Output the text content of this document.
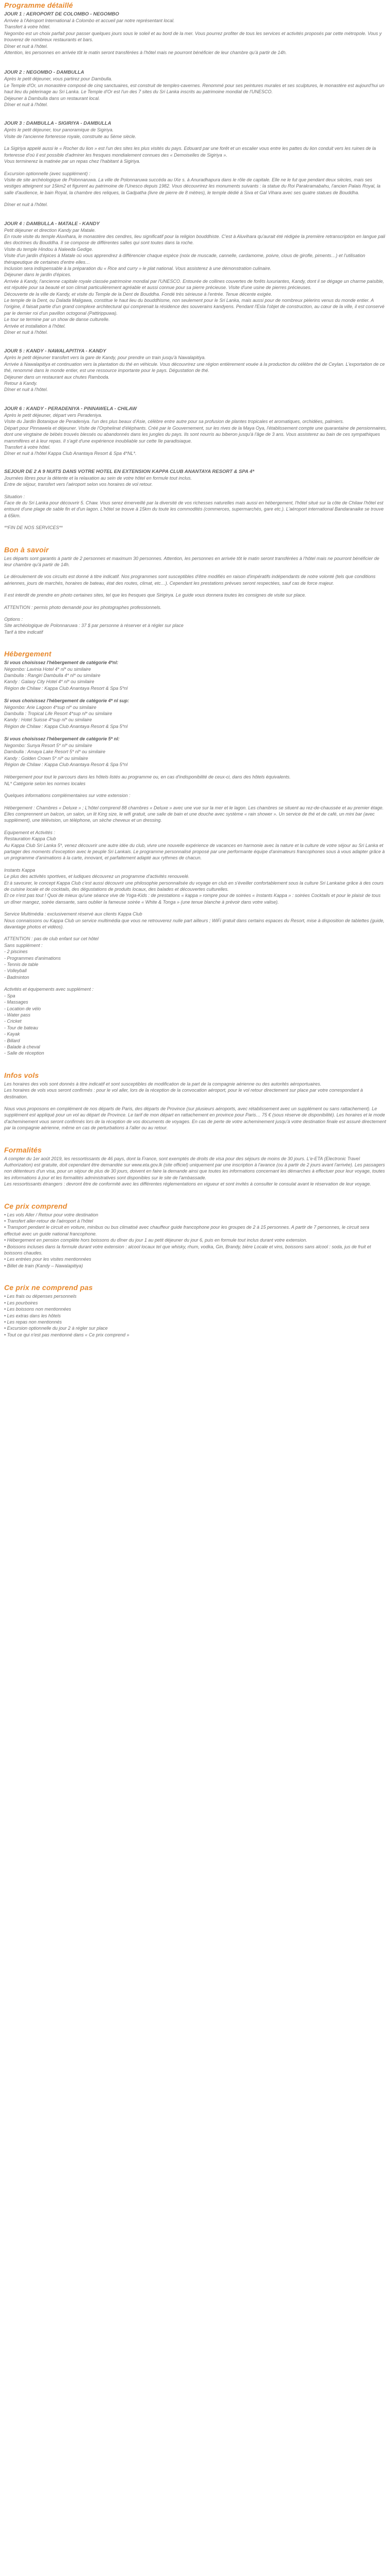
Programme détaillé

JOUR 1 : AEROPORT DE COLOMBO - NEGOMBO

Arrivée à l'Aéroport International à Colombo et accueil par notre représentant local.

Transfert à votre hôtel.

Negombo est un choix parfait pour passer quelques jours sous le soleil et au bord de la mer. Vous pourrez profiter de tous les services et activités proposés par cette métropole. Vous y trouverez de nombreux restaurants et bars.

Dîner et nuit à l'hôtel.

Attention, les personnes en arrivée tôt le matin seront transférées à l'hôtel mais ne pourront bénéficier de leur chambre qu'à partir de 14h.

JOUR 2 : NEGOMBO - DAMBULLA

Après le petit déjeuner, vous partirez pour Dambulla.

Le Temple d'Or, un monastère composé de cinq sanctuaires, est construit de temples-cavernes. Renommé pour ses peintures murales et ses sculptures, le monastère est aujourd'hui un haut lieu du pèlerinage au Sri Lanka. Le Temple d'Or est l'un des 7 sites du Sri Lanka inscrits au patrimoine mondial de l'UNESCO.

Déjeuner à Dambulla dans un restaurant local.

Dîner et nuit à l'hôtel.

JOUR 3 : DAMBULLA - SIGIRIYA - DAMBULLA

Après le petit déjeuner, tour panoramique de Sigiriya.

Visite de l'ancienne forteresse royale, construite au 5ème siècle.

La Sigiriya appelé aussi le « Rocher du lion » est l'un des sites les plus visités du pays. Edouard par une forêt et un escalier vous entre les pattes du lion conduit vers les ruines de la forteresse d'où il est possible d'admirer les fresques mondialement connues des « Demoiselles de Sigiriya ».

Vous terminerez la matinée par un repas chez l'habitant à Sigiriya.

Excursion optionnelle (avec supplément) :

Visite de site archéologique de Polonnaruwa. La ville de Polonnaruwa succéda au IXe s. à Anuradhapura dans le rôle de capitale. Elle ne le fut que pendant deux siècles, mais ses vestiges atteignent sur 15km2 et figurent au patrimoine de l'Unesco depuis 1982. Vous découvrirez les monuments suivants : la statue du Roi Parakramabahu, l'ancien Palais Royal, la salle d'audience, le bain Royal, la chambre des reliques, la Gadpatha (livre de pierre de 8 mètres), le temple dédié à Siva et Gal Vihara avec ses quatre statues de Bouddha.

Dîner et nuit à l'hôtel.

JOUR 4 : DAMBULLA - MATALE - KANDY

Petit déjeuner et direction Kandy par Matale.

En route visite du temple Aluvihara, le monastère des cendres, lieu significatif pour la religion bouddhiste. C'est à Aluvihara qu'aurait été rédigée la première retranscription en langue pali des doctrines du Bouddha. Il se compose de différentes salles qui sont toutes dans la roche.

Visite du temple Hindou à Naleeda Gedige.

Visite d'un jardin d'épices à Matale où vous apprendrez à différencier chaque espèce (noix de muscade, cannelle, cardamome, poivre, clous de girofle, piments…) et l'utilisation thérapeutique de certaines d'entre elles…

Inclusion sera indispensable à la préparation du « Rice and curry » le plat national. Vous assisterez à une démonstration culinaire.

Déjeuner dans le jardin d'épices.

Arrivée à Kandy, l'ancienne capitale royale classée patrimoine mondial par l'UNESCO. Entourée de collines couvertes de forêts luxuriantes, Kandy, dont il se dégage un charme paisible, est réputée pour sa beauté et son climat particulièrement agréable et aussi connue pour sa pierre précieuse. Visite d'une usine de pierres précieuses.

Découverte de la ville de Kandy, et visite du Temple de la Dent de Bouddha. Fondé très sérieuse à l'entrée. Tenue décente exigée.

Le temple de la Dent, ou Dalada Maligawa, constitue le haut lieu du bouddhisme, non seulement pour le Sri Lanka, mais aussi pour de nombreux pèlerins venus du monde entier. A l'origine, il faisait partie d'un grand complexe architectural qui comprenait la résidence des souverains kandyens. Pendant l'Esla l'objet de construction, au cœur de la ville, il est conservé par le dernier roi d'un pavillon octogonal (Pattirippuwa).

Le tour se termine par un show de danse culturelle.

Arrivée et installation à l'hôtel.

Dîner et nuit à l'hôtel.

JOUR 5 : KANDY - NAWALAPITIYA - KANDY

Après le petit déjeuner transfert vers la gare de Kandy, pour prendre un train jusqu'à Nawalapitiya.

Arrivée à Nawalapitiya et continuation vers la plantation du thé en véhicule. Vous découvrirez une région entièrement vouée à la production du célèbre thé de Ceylan. L'exportation de ce thé, renommé dans le monde entier, est une ressource importante pour le pays. Dégustation de thé.

Déjeuner dans un restaurant aux chutes Ramboda.

Retour à Kandy.

Dîner et nuit à l'hôtel.

JOUR 6 : KANDY - PERADENIYA - PINNAWELA - CHILAW

Après le petit déjeuner, départ vers Peradeniya.

Visite du Jardin Botanique de Peradeniya. l'un des plus beaux d'Asie, célèbre entre autre pour sa profusion de plantes tropicales et aromatiques, orchidées, palmiers.

Départ pour Pinnawela et déjeuner. Visite de l'Orphelinat d'éléphants. Créé par le Gouvernement, sur les rives de la Maya Oya, l'établissement compte une quarantaine de pensionnaires, dont une vingtaine de bébés trouvés blessés ou abandonnés dans les jungles du pays. Ils sont nourris au biberon jusqu'à l'âge de 3 ans. Vous assisterez au bain de ces sympathiques mammifères et à leur repas. Il s'agit d'une expérience inoubliable sur cette île paradisiaque.

Transfert à votre hôtel.

Dîner et nuit à l'hôtel Kappa Club Anantaya Resort & Spa 4*NL*.

SEJOUR DE 2 A 9 NUITS DANS VOTRE HOTEL EN EXTENSION KAPPA CLUB ANANTAYA RESORT & SPA 4*

Journées libres pour la détente et la relaxation au sein de votre hôtel en formule tout inclus.

Entre de séjour, transfert vers l'aéroport selon vos horaires de vol retour.

Situation :

Face de du Sri Lanka pour découvrir 5. Chaw. Vous serez émerveillé par la diversité de vos richesses naturelles mais aussi en hébergement, l'hôtel situé sur la côte de Chilaw l'hôtel est entouré d'une plage de sable fin et d'un lagon. L'hôtel se trouve à 15km du toute les commodités (commerces, supermarchés, gare etc.). L'aéroport international Bandaranaike se trouve à 65km.

**FIN DE NOS SERVICES**

Bon à savoir

Les départs sont garantis à partir de 2 personnes et maximum 30 personnes. Attention, les personnes en arrivée tôt le matin seront transférées à l'hôtel mais ne pourront bénéficier de leur chambre qu'à partir de 14h.

Le déroulement de vos circuits est donné à titre indicatif. Nos programmes sont susceptibles d'être modifiés en raison d'impératifs indépendants de notre volonté (tels que conditions aériennes, jours de marchés, horaires de bateau, état des routes, climat, etc…). Cependant les prestations prévues seront respectées, sauf cas de force majeur.

Il est interdit de prendre en photo certaines sites, tel que les fresques que Sirigirya. Le guide vous donnera toutes les consignes de visite sur place.

ATTENTION : permis photo demandé pour les photographes professionnels.

Options :

Site archéologique de Polonnaruwa : 37 $ par personne à réserver et à régler sur place

Tarif à titre indicatif

Hébergement

Si vous choisissez l'hébergement de catégorie 4*nl:

Négombo: Lavinia Hotel 4* nl* ou similaire

Dambulla : Rangiri Dambulla 4* nl* ou similaire

Kandy : Galaxy City Hotel 4* nl* ou similaire

Région de Chilaw : Kappa Club Anantaya Resort & Spa 5*nl

Si vous choisissez l'hébergement de catégorie 4* nl sup:

Négombo: Arie Lagoon 4*sup nl* ou similaire

Dambulla : Tropical Life Resort 4*sup nl* ou similaire

Kandy : Hotel Suisse 4*sup nl* ou similaire

Région de Chilaw : Kappa Club Anantaya Resort & Spa 5*nl

Si vous choisissez l'hébergement de catégorie 5* nl:

Negombo: Sunya Resort 5* nl* ou similaire

Dambulla : Amaya Lake Resort 5* nl* ou similaire

Kandy : Golden Crown 5* nl* ou similaire

Région de Chilaw : Kappa Club Anantaya Resort & Spa 5*nl

Hébergement pour tout le parcours dans les hôtels listés au programme ou, en cas d'indisponibilité de ceux-ci, dans des hôtels équivalents.

NL* Catégorie selon les normes locales

Quelques informations complémentaires sur votre extension :

Hébergement : Chambres « Deluxe » ; L'hôtel comprend 88 chambres « Deluxe » avec une vue sur la mer et le lagon. Les chambres se situent au rez-de-chaussée et au premier étage. Elles comprennent un balcon, un salon, un lit King size, le wifi gratuit, une salle de bain et une douche avec système « rain shower ». Un service de thé et de café, un mini bar (avec supplément), une télévision, un téléphone, un sèche cheveux et un dressing.

Equipement et Activités :

Restauration Kappa Club

Au Kappa Club Sri Lanka 5*, venez découvrir une autre idée du club, vivre une nouvelle expérience de vacances en harmonie avec la nature et la culture de votre séjour au Sri Lanka et partager des moments d'exception avec le peuple Sri Lankais. Le programme personnalisé proposé par une performante équipe d'animateurs francophones sous à vous adapter grâce à un programme d'animations à la carte, innovant, et parfaitement adapté aux rythmes de chacun.

Instants Kappa

Le plus des activités sportives, et ludiques découvrez un programme d'activités renouvelé.

Et à savourer, le concept Kappa Club c'est aussi découvrir une philosophie personnalisée du voyage en club en s'éveiller confortablement sous la culture Sri Lankaise grâce à des cours de cuisine locale et de cocktails, des dégustations de produits locaux, des balades et découvertes culturelles.

Et ce n'est pas tout ! Quoi de mieux qu'une séance vive de Yoga-Kids : de prestations « kappa » rompre pour de soirées « Instants Kappa » : soirées Cocktails et pour le plaisir de tous un dîner mangez, soirée dansante, sans oublier la fameuse soirée « White & Tonga » (une tenue blanche à prévoir dans votre valise).

Service Multimédia : exclusivement réservé aux clients Kappa Club

Nous connaissons ou Kappa Club un service multimédia que vous ne retrouverez nulle part ailleurs ; WiFi gratuit dans certains espaces du Resort, mise à disposition de tablettes (guide, davantage photos et vidéos).

ATTENTION : pas de club enfant sur cet hôtel

Sans supplément :

- 2 piscines

- Programmes d'animations

- Tennis de table

- Volleyball

- Badminton

Activités et équipements avec supplément :

- Spa

- Massages

- Location de vélo

- Water pass

- Cricket

- Tour de bateau

- Kayak

- Billard

- Balade à cheval

- Salle de réception

Infos vols

Les horaires des vols sont donnés à titre indicatif et sont susceptibles de modification de la part de la compagnie aérienne ou des autorités aéroportuaires.

Les horaires de vols vous seront confirmés : pour le vol aller, lors de la réception de la convocation aéroport, pour le vol retour directement sur place par votre correspondant à destination.

Nous vous proposons en complément de nos départs de Paris, des départs de Province (sur plusieurs aéroports, avec rétablissement avec un supplément ou sans rattachement). Le supplément est appliqué pour un vol au départ de Province. Le tarif de mon départ en rattachement en province pour Paris… 75 € (sous réserve de disponibilité). Les horaires et le mode d'acheminement vous seront confirmés lors de la réception de vos documents de voyages. En cas de perte de votre acheminement jusqu'à votre destination finale est assuré directement par la compagnie aérienne, même en cas de perturbations à l'aller ou au retour.

Formalités

A compter du 1er août 2019, les ressortissants de 46 pays, dont la France, sont exemptés de droits de visa pour des séjours de moins de 30 jours. L'e-ETA (Electronic Travel Authorization) est gratuite, doit cependant être demandée sur www.eta.gov.lk (site officiel) uniquement par une inscription à l'avance (ou à partir de 2 jours avant l'arrivée). Les passagers non détenteurs d'un visa, pour un séjour de plus de 30 jours, doivent en faire la demande ainsi que toutes les informations concernant les démarches à effectuer pour leur voyage, toutes les informations à jour et les formalités administratives sont disponibles sur le site de l'ambassade.

Les ressortissants étrangers : devront être de conformité avec les différentes réglementations en vigueur et sont invités à consulter le consulat avant le réservation de leur voyage.

Ce prix comprend

• Les vols Aller / Retour pour votre destination

• Transfert aller-retour de l'aéroport à l'hôtel

• Transport pendant le circuit en voiture, minibus ou bus climatisé avec chauffeur guide francophone pour les groupes de 2 à 15 personnes. A partir de 7 personnes, le circuit sera effectué avec un guide national francophone.

• Hébergement en pension complète hors boissons du dîner du jour 1 au petit déjeuner du jour 6, puis en formule tout inclus durant votre extension.

• Boissons incluses dans la formule durant votre extension : alcool locaux tel que whisky, rhum, vodka, Gin, Brandy, bière Locale et vins, boissons sans alcool : soda, jus de fruit et boissons chaudes.

• Les entrées pour les visites mentionnées

• Billet de train (Kandy – Nawalapitiya)

Ce prix ne comprend pas

• Les frais ou dépenses personnels

• Les pourboires

• Les boissons non mentionnées

• Les extras dans les hôtels

• Les repas non mentionnés

• Excursion optionnelle du jour 2 à régler sur place

• Tout ce qui n'est pas mentionné dans « Ce prix comprend »
